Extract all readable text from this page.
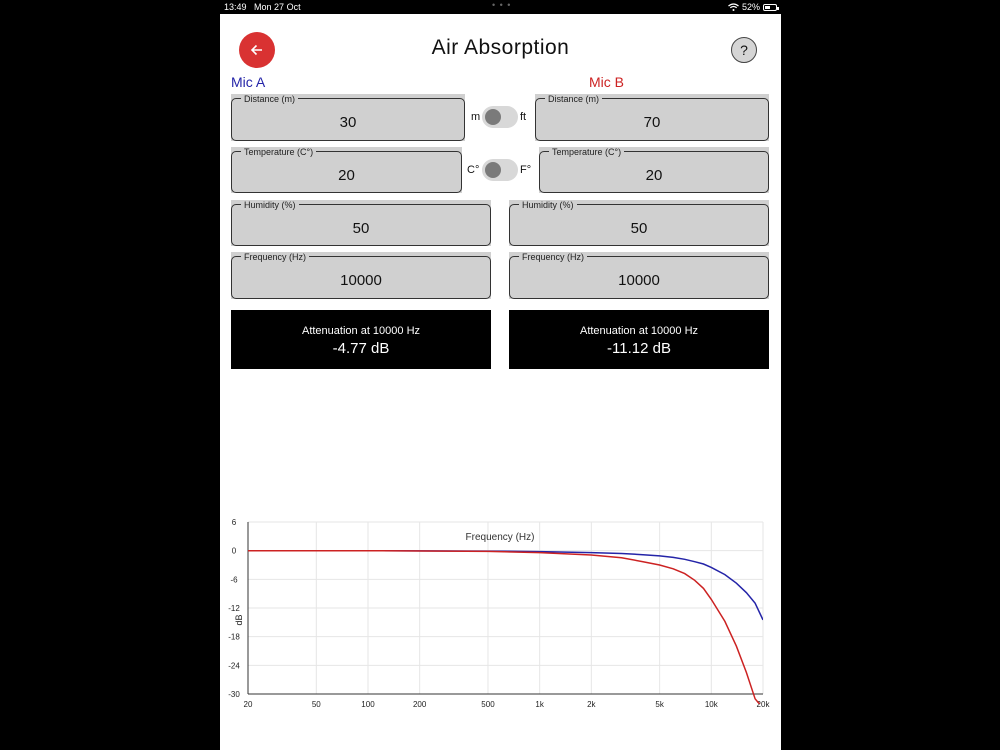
13:49 Mon 27 Oct	• • •	52%
Air Absorption	?
Mic A	Mic B
Distance (m)
30
Temperature (C°)
20
Humidity (%)
50
Frequency (Hz)
10000
m	ft
C°	F°
Distance (m)
70
Temperature (C°)
20
Humidity (%)
50
Frequency (Hz)
10000
Attenuation at 10000 Hz
-4.77 dB
Attenuation at 10000 Hz
-11.12 dB
6
0
-6
-12
-18
-24
-30
20	50	100	200	500	1k	2k	5k	10k	20k
Frequency (Hz)
dB
